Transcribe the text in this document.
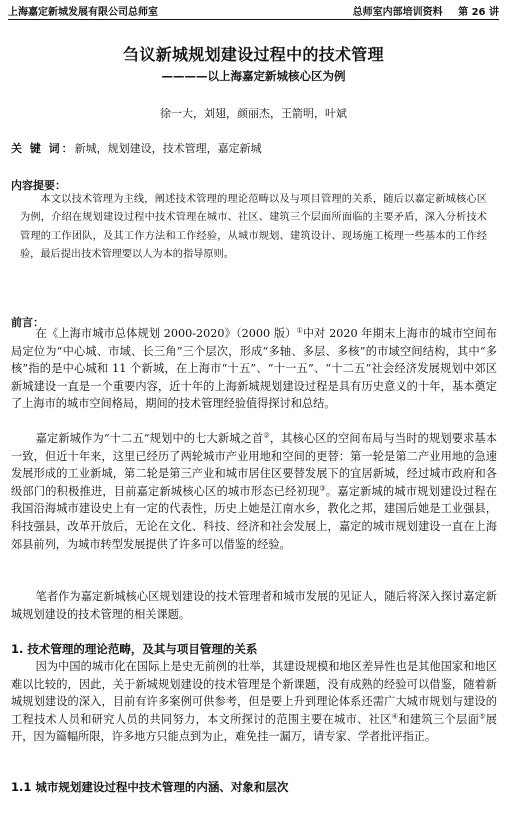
上海嘉定新城发展有限公司总师室	总师室内部培训资料 第 26 讲
刍议新城规划建设过程中的技术管理
————以上海嘉定新城核心区为例
徐一大，刘翅，颜丽杰，王箭明，叶斌
关 键 词：新城，规划建设，技术管理，嘉定新城
内容提要：

本文以技术管理为主线，阐述技术管理的理论范畴以及与项目管理的关系，随后以嘉定新城核心区为例，介绍在规划建设过程中技术管理在城市、社区、建筑三个层面所面临的主要矛盾，深入分析技术管理的工作团队，及其工作方法和工作经验，从城市规划、建筑设计、现场施工梳理一些基本的工作经验，最后提出技术管理要以人为本的指导原则。

前言：

在《上海市城市总体规划 2000-2020》（2000 版）①中对 2020 年期末上海市的城市空间布局定位为“中心城、市域、长三角”三个层次，形成“多轴、多层、多核”的市域空间结构，其中“多核”指的是中心城和 11 个新城，在上海市“十五”、“十一五”、“十二五”社会经济发展规划中郊区新城建设一直是一个重要内容，近十年的上海新城规划建设过程是具有历史意义的十年，基本奠定了上海市的城市空间格局，期间的技术管理经验值得探讨和总结。

嘉定新城作为“十二五”规划中的七大新城之首②，其核心区的空间布局与当时的规划要求基本一致，但近十年来，这里已经历了两轮城市产业用地和空间的更替：第一轮是第二产业用地的急速发展形成的工业新城，第二轮是第三产业和城市居住区要替发展下的宜居新城，经过城市政府和各级部门的积极推进，目前嘉定新城核心区的城市形态已经初现③。嘉定新城的城市规划建设过程在我国沿海城市建设史上有一定的代表性，历史上她是江南水乡，教化之邦，建国后她是工业强县，科技强县，改革开放后，无论在文化、科技、经济和社会发展上，嘉定的城市规划建设一直在上海郊县前列，为城市转型发展提供了许多可以借鉴的经验。

笔者作为嘉定新城核心区规划建设的技术管理者和城市发展的见证人，随后将深入探讨嘉定新城规划建设的技术管理的相关课题。

1. 技术管理的理论范畴，及其与项目管理的关系

因为中国的城市化在国际上是史无前例的壮举，其建设规模和地区差异性也是其他国家和地区难以比较的，因此，关于新城规划建设的技术管理是个新课题，没有成熟的经验可以借鉴，随着新城规划建设的深入，目前有许多案例可供参考，但是要上升到理论体系还需广大城市规划与建设的工程技术人员和研究人员的共同努力，本文所探讨的范围主要在城市、社区④和建筑三个层面⑤展开，因为篇幅所限，许多地方只能点到为止，难免挂一漏万，请专家、学者批评指正。

1.1 城市规划建设过程中技术管理的内涵、对象和层次
